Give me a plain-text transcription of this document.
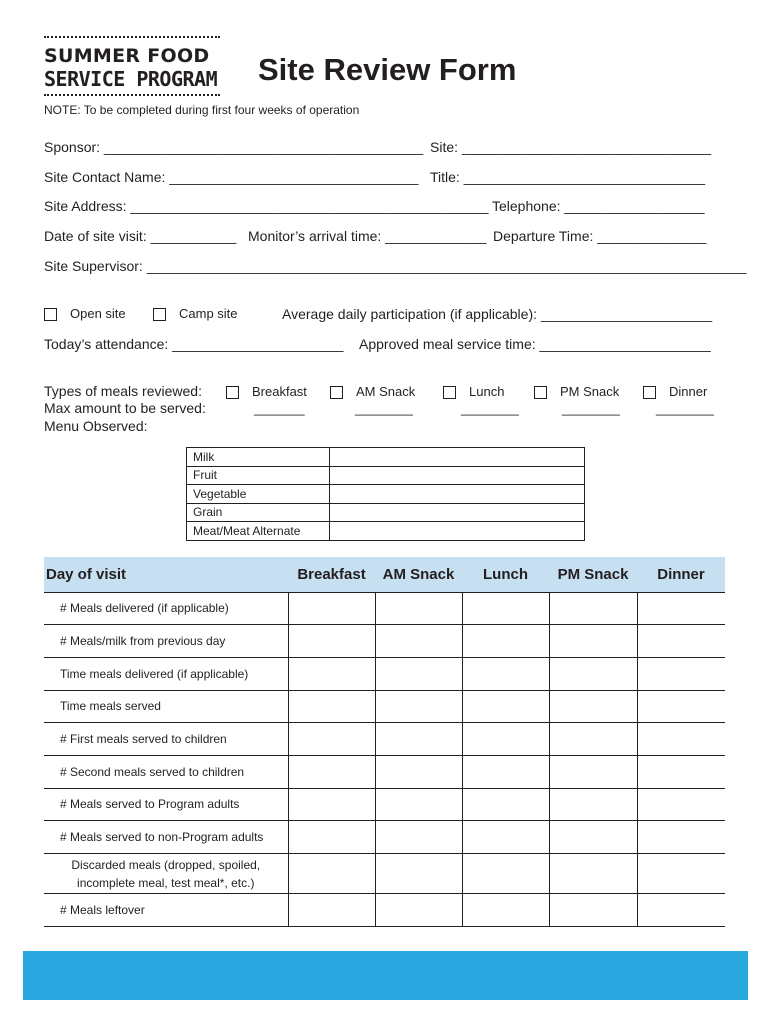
SUMMER FOOD
SERVICE PROGRAM Site Review Form
NOTE: To be completed during first four weeks of operation
Sponsor: _________________________________________ Site: ________________________________
Site Contact Name: ________________________________ Title: _______________________________
Site Address: ______________________________________________ Telephone: __________________
Date of site visit: ___________ Monitor’s arrival time: _____________ Departure Time: ______________
Site Supervisor: _____________________________________________________________________________
Open site	Camp site	Average daily participation (if applicable): ______________________
Today’s attendance: ______________________ Approved meal service time: ______________________
Types of meals reviewed:
Max amount to be served:
Menu Observed:
Breakfast
_______
AM Snack
________
Lunch
________
PM Snack
________
Dinner
________
Milk	
Fruit	
Vegetable	
Grain	
Meat/Meat Alternate	
Day of visit	Breakfast	AM Snack	Lunch	PM Snack	Dinner
# Meals delivered (if applicable)					
# Meals/milk from previous day					
Time meals delivered (if applicable)					
Time meals served					
# First meals served to children					
# Second meals served to children					
# Meals served to Program adults					
# Meals served to non-Program adults					
Discarded meals (dropped, spoiled, incomplete meal, test meal*, etc.)					
# Meals leftover					
